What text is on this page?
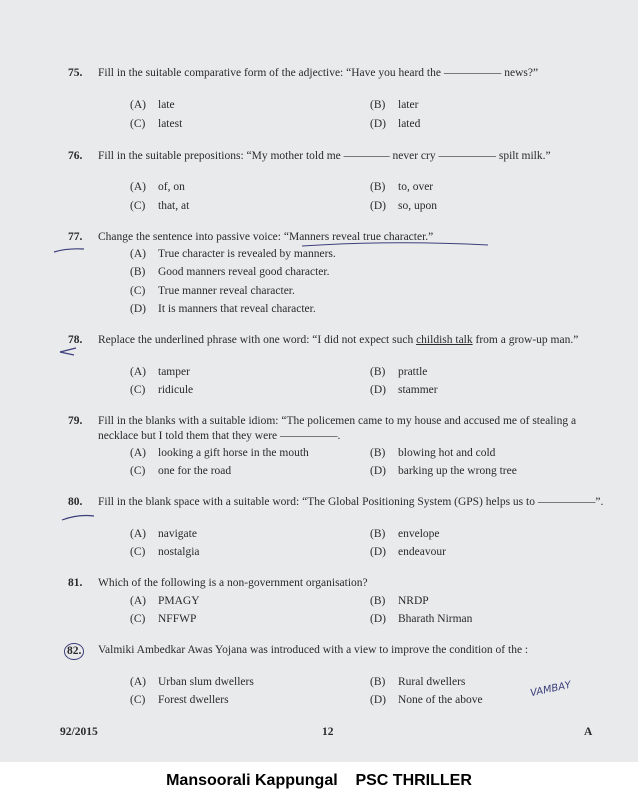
75. Fill in the suitable comparative form of the adjective: “Have you heard the ————— news?”
(A) late	(B) later
(C) latest	(D) lated
76. Fill in the suitable prepositions: “My mother told me ———— never cry ————— spilt milk.”
(A) of, on	(B) to, over
(C) that, at	(D) so, upon
77. Change the sentence into passive voice: “Manners reveal true character.”
(A) True character is revealed by manners.
(B) Good manners reveal good character.
(C) True manner reveal character.
(D) It is manners that reveal character.
78. Replace the underlined phrase with one word: “I did not expect such childish talk from a grow-up man.”
(A) tamper	(B) prattle
(C) ridicule	(D) stammer
79. Fill in the blanks with a suitable idiom: “The policemen came to my house and accused me of stealing a necklace but I told them that they were —————.
(A) looking a gift horse in the mouth	(B) blowing hot and cold
(C) one for the road	(D) barking up the wrong tree
80. Fill in the blank space with a suitable word: “The Global Positioning System (GPS) helps us to —————”.
(A) navigate	(B) envelope
(C) nostalgia	(D) endeavour
81. Which of the following is a non-government organisation?
(A) PMAGY	(B) NRDP
(C) NFFWP	(D) Bharath Nirman
82. Valmiki Ambedkar Awas Yojana was introduced with a view to improve the condition of the :
(A) Urban slum dwellers	(B) Rural dwellers
(C) Forest dwellers	(D) None of the above
VAMBAY
92/2015	12	A
Mansoorali Kappungal PSC THRILLER
